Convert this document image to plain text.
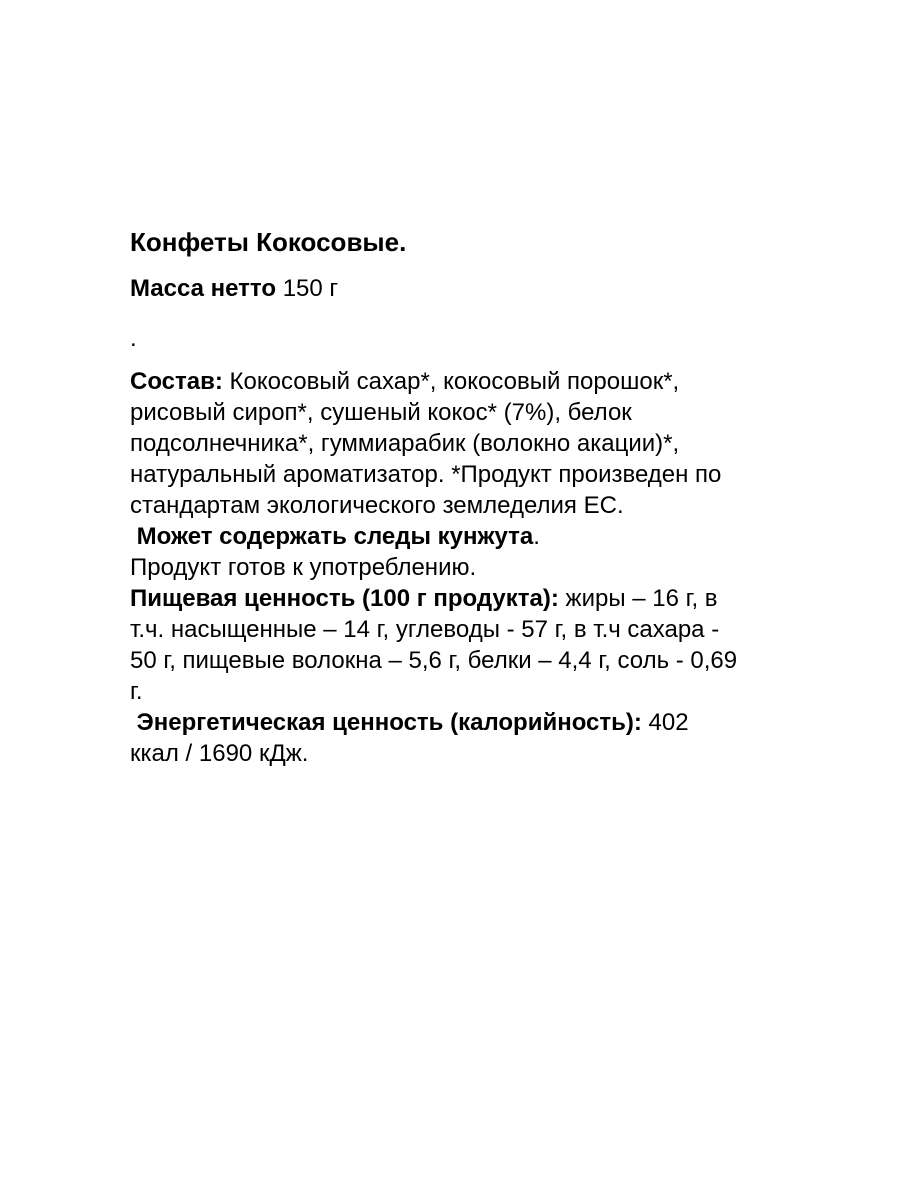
Конфеты Кокосовые.

Масса нетто 150 г

.

Состав: Кокосовый сахар*, кокосовый порошок*,
рисовый сироп*, сушеный кокос* (7%), белок
подсолнечника*, гуммиарабик (волокно акации)*,
натуральный ароматизатор. *Продукт произведен по
стандартам экологического земледелия ЕС.

Может содержать следы кунжута.

Продукт готов к употреблению.

Пищевая ценность (100 г продукта): жиры – 16 г, в
т.ч. насыщенные – 14 г, углеводы - 57 г, в т.ч сахара -
50 г, пищевые волокна – 5,6 г, белки – 4,4 г, соль - 0,69
г.

Энергетическая ценность (калорийность): 402
ккал / 1690 кДж.
